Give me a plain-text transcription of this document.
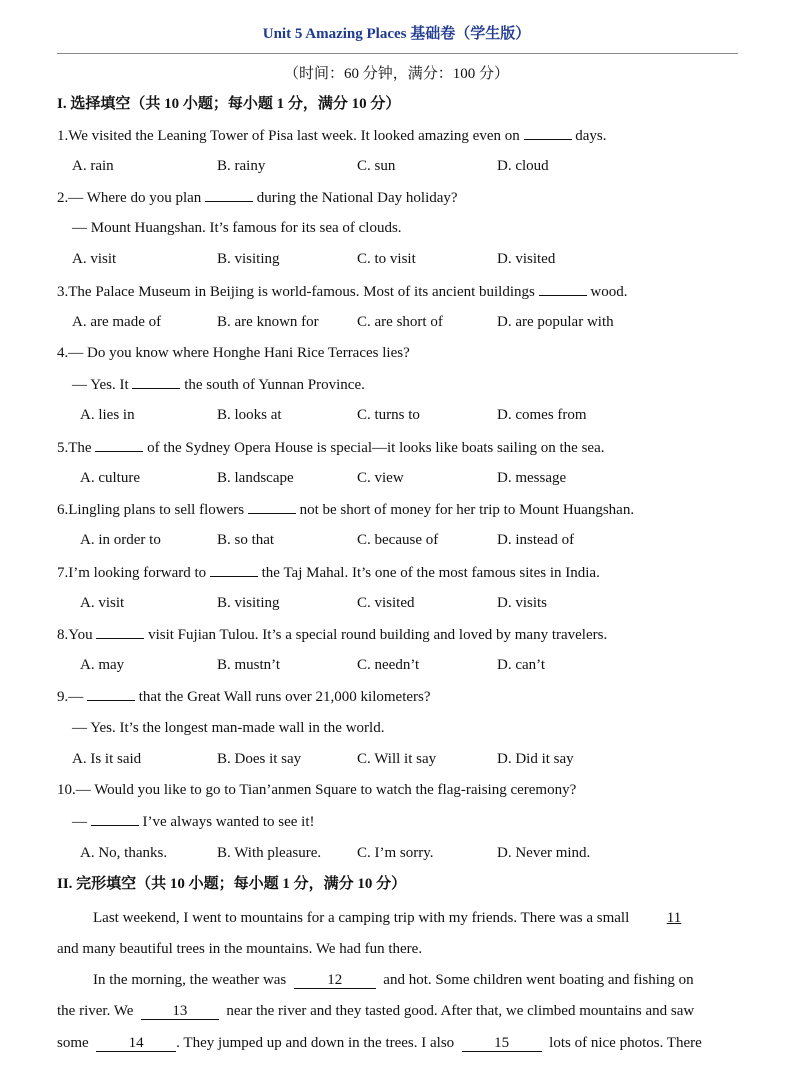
Unit 5 Amazing Places 基础卷（学生版）
（时间：60 分钟，满分：100 分）
I. 选择填空（共 10 小题；每小题 1 分，满分 10 分）
1.We visited the Leaning Tower of Pisa last week. It looked amazing even on	days.
A. rain	B. rainy	C. sun	D. cloud
2.— Where do you plan	during the National Day holiday?
— Mount Huangshan. It’s famous for its sea of clouds.
A. visit	B. visiting	C. to visit	D. visited
3.The Palace Museum in Beijing is world-famous. Most of its ancient buildings	wood.
A. are made of	B. are known for	C. are short of	D. are popular with
4.— Do you know where Honghe Hani Rice Terraces lies?
— Yes. It	the south of Yunnan Province.
A. lies in	B. looks at	C. turns to	D. comes from
5.The	of the Sydney Opera House is special—it looks like boats sailing on the sea.
A. culture	B. landscape	C. view	D. message
6.Lingling plans to sell flowers	not be short of money for her trip to Mount Huangshan.
A. in order to	B. so that	C. because of	D. instead of
7.I’m looking forward to	the Taj Mahal. It’s one of the most famous sites in India.
A. visit	B. visiting	C. visited	D. visits
8.You	visit Fujian Tulou. It’s a special round building and loved by many travelers.
A. may	B. mustn’t	C. needn’t	D. can’t
9.—	that the Great Wall runs over 21,000 kilometers?
— Yes. It’s the longest man-made wall in the world.
A. Is it said	B. Does it say	C. Will it say	D. Did it say
10.— Would you like to go to Tian’anmen Square to watch the flag-raising ceremony?
—	I’ve always wanted to see it!
A. No, thanks.	B. With pleasure. C. I’m sorry.	D. Never mind.
II. 完形填空（共 10 小题；每小题 1 分，满分 10 分）
Last weekend, I went to mountains for a camping trip with my friends. There was a small	11
and many beautiful trees in the mountains. We had fun there.
In the morning, the weather was  12  and hot. Some children went boating and fishing on
the river. We  13  near the river and they tasted good. After that, we climbed mountains and saw
some  14 . They jumped up and down in the trees. I also  15  lots of nice photos. There
